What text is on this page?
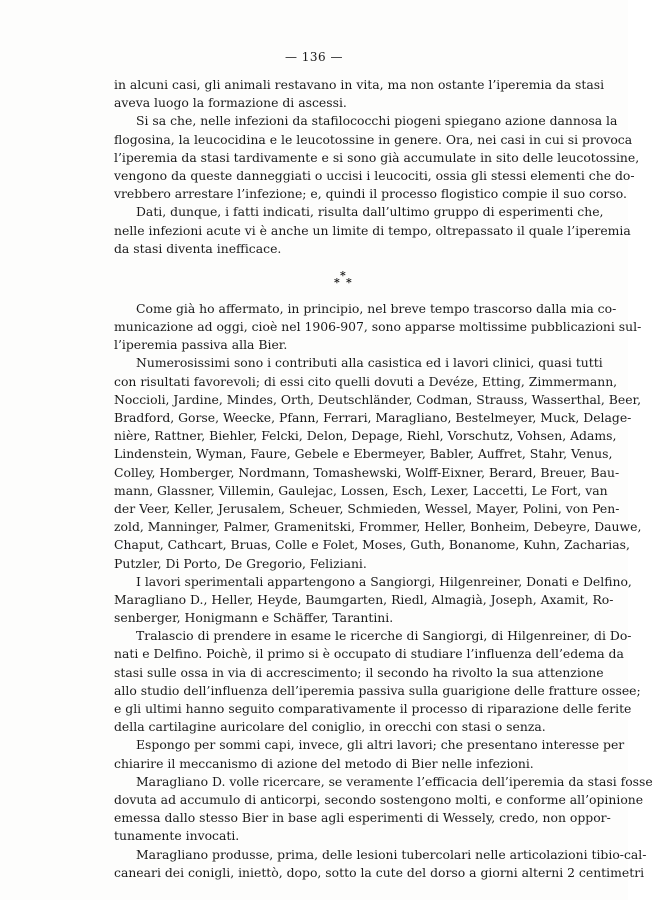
— 136 —
in alcuni casi, gli animali restavano in vita, ma non ostante l’iperemia da stasi
aveva luogo la formazione di ascessi.
Si sa che, nelle infezioni da stafilococchi piogeni spiegano azione dannosa la
flogosina, la leucocidina e le leucotossine in genere. Ora, nei casi in cui si provoca
l’iperemia da stasi tardivamente e si sono già accumulate in sito delle leucotossine,
vengono da queste danneggiati o uccisi i leucociti, ossia gli stessi elementi che do-
vrebbero arrestare l’infezione; e, quindi il processo flogistico compie il suo corso.
Dati, dunque, i fatti indicati, risulta dall’ultimo gruppo di esperimenti che,
nelle infezioni acute vi è anche un limite di tempo, oltrepassato il quale l’iperemia
da stasi diventa inefficace.
*
* *
Come già ho affermato, in principio, nel breve tempo trascorso dalla mia co-
municazione ad oggi, cioè nel 1906-907, sono apparse moltissime pubblicazioni sul-
l’iperemia passiva alla Bier.
Numerosissimi sono i contributi alla casistica ed i lavori clinici, quasi tutti
con risultati favorevoli; di essi cito quelli dovuti a Devéze, Etting, Zimmermann,
Noccioli, Jardine, Mindes, Orth, Deutschländer, Codman, Strauss, Wasserthal, Beer,
Bradford, Gorse, Weecke, Pfann, Ferrari, Maragliano, Bestelmeyer, Muck, Delage-
nière, Rattner, Biehler, Felcki, Delon, Depage, Riehl, Vorschutz, Vohsen, Adams,
Lindenstein, Wyman, Faure, Gebele e Ebermeyer, Babler, Auffret, Stahr, Venus,
Colley, Homberger, Nordmann, Tomashewski, Wolff-Eixner, Berard, Breuer, Bau-
mann, Glassner, Villemin, Gaulejac, Lossen, Esch, Lexer, Laccetti, Le Fort, van
der Veer, Keller, Jerusalem, Scheuer, Schmieden, Wessel, Mayer, Polini, von Pen-
zold, Manninger, Palmer, Gramenitski, Frommer, Heller, Bonheim, Debeyre, Dauwe,
Chaput, Cathcart, Bruas, Colle e Folet, Moses, Guth, Bonanome, Kuhn, Zacharias,
Putzler, Di Porto, De Gregorio, Feliziani.
I lavori sperimentali appartengono a Sangiorgi, Hilgenreiner, Donati e Delfino,
Maragliano D., Heller, Heyde, Baumgarten, Riedl, Almagià, Joseph, Axamit, Ro-
senberger, Honigmann e Schäffer, Tarantini.
Tralascio di prendere in esame le ricerche di Sangiorgi, di Hilgenreiner, di Do-
nati e Delfino. Poichè, il primo si è occupato di studiare l’influenza dell’edema da
stasi sulle ossa in via di accrescimento; il secondo ha rivolto la sua attenzione
allo studio dell’influenza dell’iperemia passiva sulla guarigione delle fratture ossee;
e gli ultimi hanno seguito comparativamente il processo di riparazione delle ferite
della cartilagine auricolare del coniglio, in orecchi con stasi o senza.
Espongo per sommi capi, invece, gli altri lavori; che presentano interesse per
chiarire il meccanismo di azione del metodo di Bier nelle infezioni.
Maragliano D. volle ricercare, se veramente l’efficacia dell’iperemia da stasi fosse
dovuta ad accumulo di anticorpi, secondo sostengono molti, e conforme all’opinione
emessa dallo stesso Bier in base agli esperimenti di Wessely, credo, non oppor-
tunamente invocati.
Maragliano produsse, prima, delle lesioni tubercolari nelle articolazioni tibio-cal-
caneari dei conigli, iniettò, dopo, sotto la cute del dorso a giorni alterni 2 centimetri
